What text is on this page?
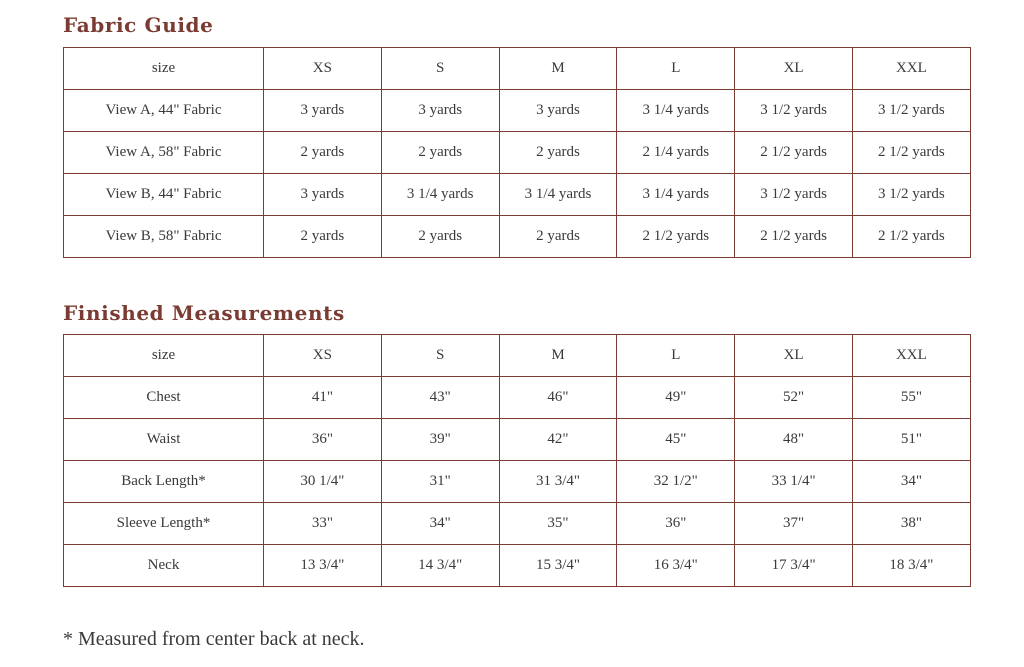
Fabric Guide
size	XS	S	M	L	XL	XXL
View A, 44" Fabric	3 yards	3 yards	3 yards	3 1/4 yards	3 1/2 yards	3 1/2 yards
View A, 58" Fabric	2 yards	2 yards	2 yards	2 1/4 yards	2 1/2 yards	2 1/2 yards
View B, 44" Fabric	3 yards	3 1/4 yards	3 1/4 yards	3 1/4 yards	3 1/2 yards	3 1/2 yards
View B, 58" Fabric	2 yards	2 yards	2 yards	2 1/2 yards	2 1/2 yards	2 1/2 yards
Finished Measurements
size	XS	S	M	L	XL	XXL
Chest	41"	43"	46"	49"	52"	55"
Waist	36"	39"	42"	45"	48"	51"
Back Length*	30 1/4"	31"	31 3/4"	32 1/2"	33 1/4"	34"
Sleeve Length*	33"	34"	35"	36"	37"	38"
Neck	13 3/4"	14 3/4"	15 3/4"	16 3/4"	17 3/4"	18 3/4"

* Measured from center back at neck.
